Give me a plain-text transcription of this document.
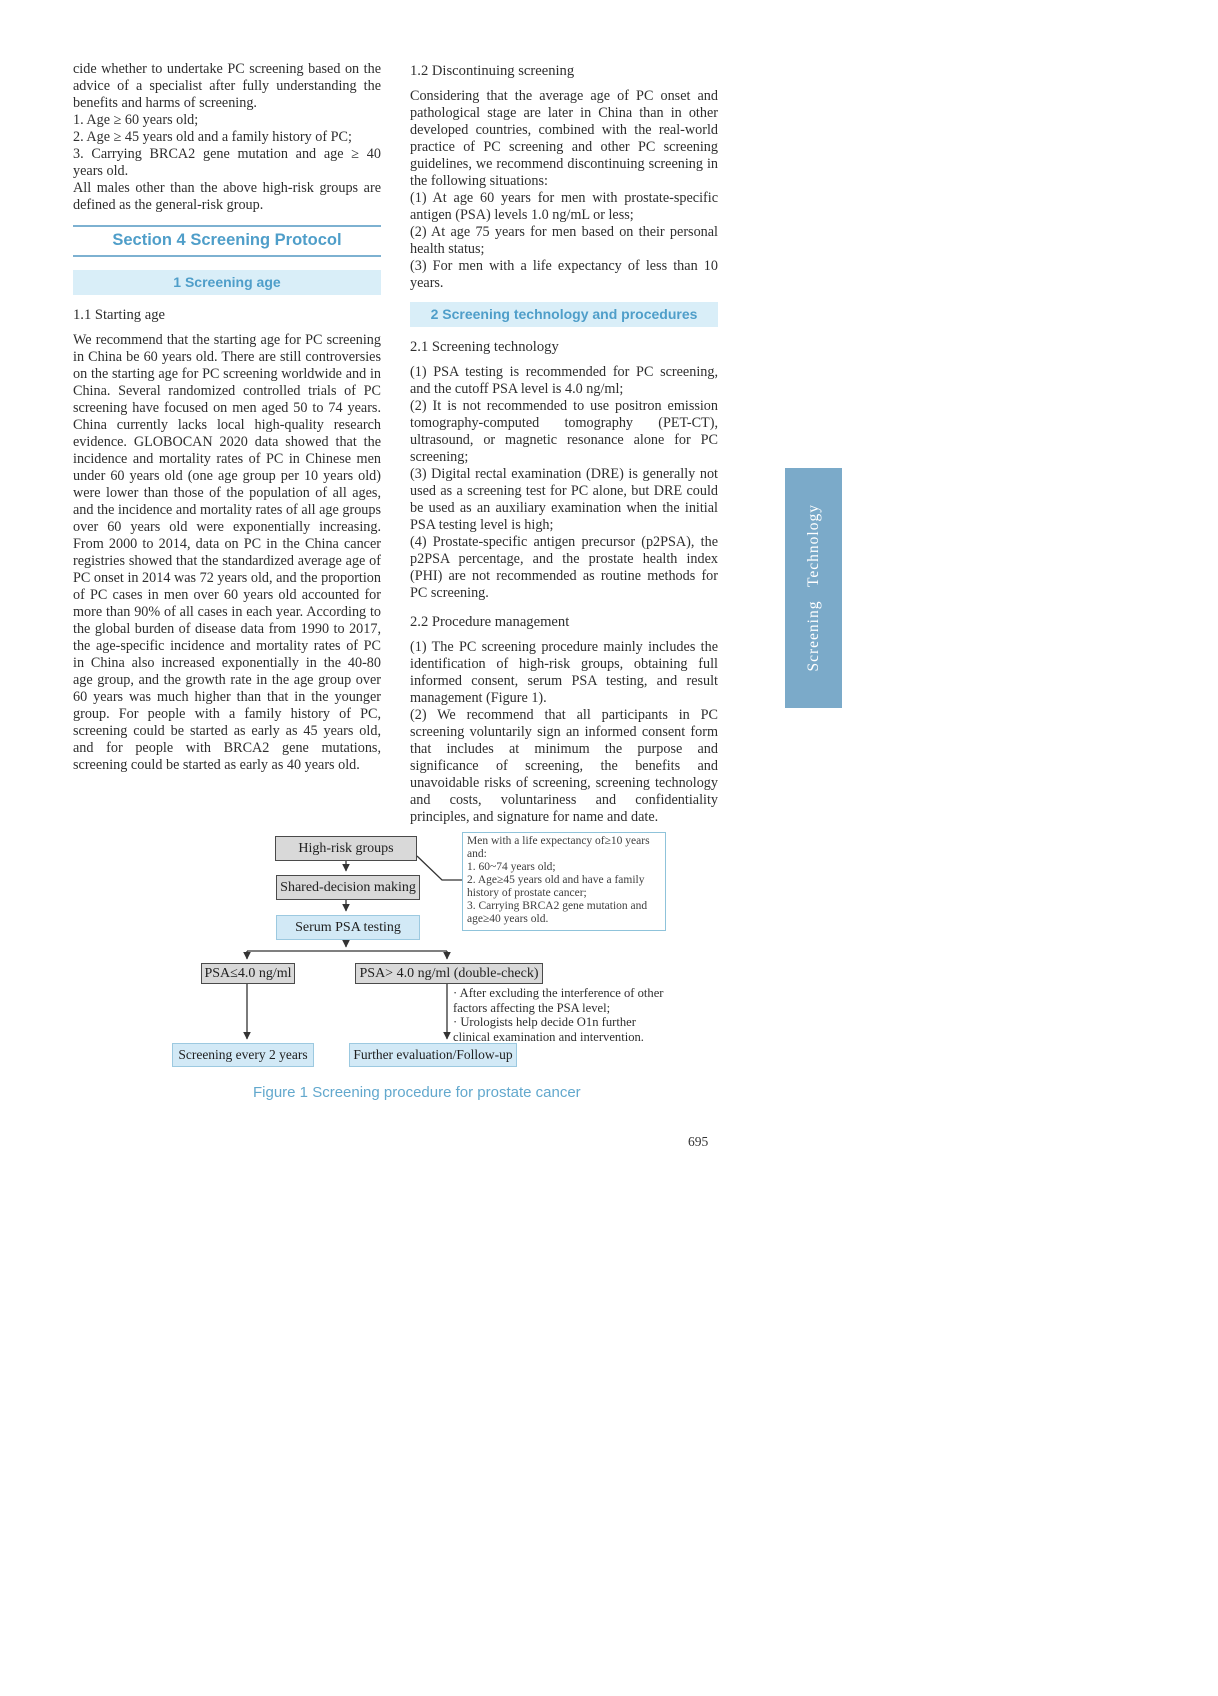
cide whether to undertake PC screening based on the advice of a specialist after fully understanding the benefits and harms of screening.

1. Age ≥ 60 years old;
2. Age ≥ 45 years old and a family history of PC;
3. Carrying BRCA2 gene mutation and age ≥ 40 years old.

All males other than the above high-risk groups are defined as the general-risk group.

Section 4 Screening Protocol
1 Screening age
1.1 Starting age

We recommend that the starting age for PC screening in China be 60 years old. There are still controversies on the starting age for PC screening worldwide and in China. Several randomized controlled trials of PC screening have focused on men aged 50 to 74 years. China currently lacks local high-quality research evidence. GLOBOCAN 2020 data showed that the incidence and mortality rates of PC in Chinese men under 60 years old (one age group per 10 years old) were lower than those of the population of all ages, and the incidence and mortality rates of all age groups over 60 years old were exponentially increasing. From 2000 to 2014, data on PC in the China cancer registries showed that the standardized average age of PC onset in 2014 was 72 years old, and the proportion of PC cases in men over 60 years old accounted for more than 90% of all cases in each year. According to the global burden of disease data from 1990 to 2017, the age-specific incidence and mortality rates of PC in China also increased exponentially in the 40-80 age group, and the growth rate in the age group over 60 years was much higher than that in the younger group. For people with a family history of PC, screening could be started as early as 45 years old, and for people with BRCA2 gene mutations, screening could be started as early as 40 years old.

1.2 Discontinuing screening

Considering that the average age of PC onset and pathological stage are later in China than in other developed countries, combined with the real-world practice of PC screening and other PC screening guidelines, we recommend discontinuing screening in the following situations:

(1) At age 60 years for men with prostate-specific antigen (PSA) levels 1.0 ng/mL or less;

(2) At age 75 years for men based on their personal health status;

(3) For men with a life expectancy of less than 10 years.

2 Screening technology and procedures
2.1 Screening technology

(1) PSA testing is recommended for PC screening, and the cutoff PSA level is 4.0 ng/ml;

(2) It is not recommended to use positron emission tomography-computed tomography (PET-CT), ultrasound, or magnetic resonance alone for PC screening;

(3) Digital rectal examination (DRE) is generally not used as a screening test for PC alone, but DRE could be used as an auxiliary examination when the initial PSA testing level is high;

(4) Prostate-specific antigen precursor (p2PSA), the p2PSA percentage, and the prostate health index (PHI) are not recommended as routine methods for PC screening.

2.2 Procedure management

(1) The PC screening procedure mainly includes the identification of high-risk groups, obtaining full informed consent, serum PSA testing, and result management (Figure 1).

(2) We recommend that all participants in PC screening voluntarily sign an informed consent form that includes at minimum the purpose and significance of screening, the benefits and unavoidable risks of screening, screening technology and costs, voluntariness and confidentiality principles, and signature for name and date.

Screening Technology
High-risk groups
Shared-decision making
Serum PSA testing
PSA≤4.0 ng/ml	PSA> 4.0 ng/ml (double-check)
Screening every 2 years	Further evaluation/Follow-up
Men with a life expectancy of≥10 years and:
1. 60~74 years old;
2. Age≥45 years old and have a family history of prostate cancer;
3. Carrying BRCA2 gene mutation and age≥40 years old.
· After excluding the interference of other factors affecting the PSA level;
· Urologists help decide O1n further clinical examination and intervention.
Figure 1 Screening procedure for prostate cancer
695
